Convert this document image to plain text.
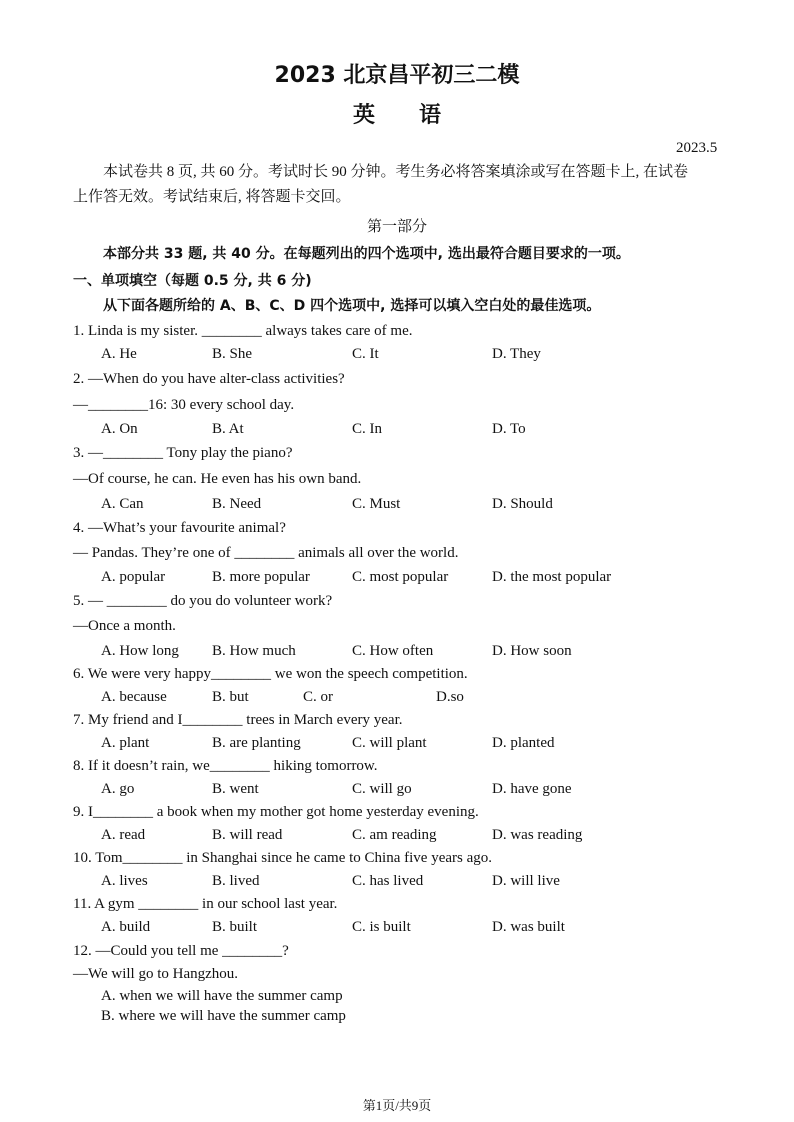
2023 北京昌平初三二模
英　　语
2023.5
本试卷共 8 页, 共 60 分。考试时长 90 分钟。考生务必将答案填涂或写在答题卡上, 在试卷
上作答无效。考试结束后, 将答题卡交回。
第一部分
本部分共 33 题, 共 40 分。在每题列出的四个选项中, 选出最符合题目要求的一项。
一、单项填空（每题 0.5 分, 共 6 分)
从下面各题所给的 A、B、C、D 四个选项中, 选择可以填入空白处的最佳选项。
1. Linda is my sister. ________ always takes care of me.
A. He	B. She	C. It	D. They
2. —When do you have alter-class activities?
—________16: 30 every school day.
A. On	B. At	C. In	D. To
3. —________ Tony play the piano?
—Of course, he can. He even has his own band.
A. Can	B. Need	C. Must	D. Should
4. —What’s your favourite animal?
— Pandas. They’re one of ________ animals all over the world.
A. popular	B. more popular	C. most popular	D. the most popular
5. — ________ do you do volunteer work?
—Once a month.
A. How long B. How much	C. How often	D. How soon
6. We were very happy________ we won the speech competition.
A. because	B. but	C. or	D.so
7. My friend and I________ trees in March every year.
A. plant	B. are planting	C. will plant	D. planted
8. If it doesn’t rain, we________ hiking tomorrow.
A. go	B. went	C. will go	D. have gone
9. I________ a book when my mother got home yesterday evening.
A. read	B. will read	C. am reading	D. was reading
10. Tom________ in Shanghai since he came to China five years ago.
A. lives	B. lived	C. has lived	D. will live
11. A gym ________ in our school last year.
A. build	B. built	C. is built	D. was built
12. —Could you tell me ________?
—We will go to Hangzhou.
A. when we will have the summer camp
B. where we will have the summer camp
第1页/共9页
